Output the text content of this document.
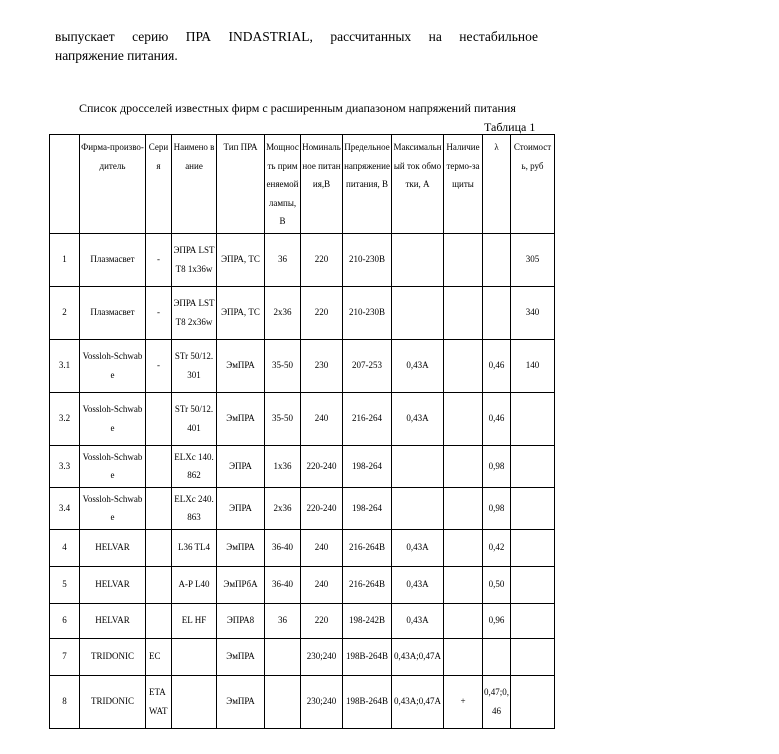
выпускает серию ПРА INDASTRIAL, рассчитанных на нестабильное
напряжение питания.
Список дросселей известных фирм с расширенным диапазоном напряжений питания
Таблица 1
	Фирма-произво-дитель	Серия	Наимено вание	Тип ПРА	Мощность применяемой лампы,В	Номинальное питания,В	Предельное напряжение питания, В	Максимальный ток обмотки, А	Наличие термо-защиты	λ	Стоимость, руб
1	Плазмасвет	-	ЭПРА LST T8 1x36w	ЭПРА, ТС	36	220	210-230В				305
2	Плазмасвет	-	ЭПРА LST T8 2x36w	ЭПРА, ТС	2x36	220	210-230В				340
3.1	Vossloh-Schwabe	-	STr 50/12.301	ЭмПРА	35-50	230	207-253	0,43А		0,46	140
3.2	Vossloh-Schwabe		STr 50/12.401	ЭмПРА	35-50	240	216-264	0,43А		0,46	
3.3	Vossloh-Schwabe		ELXc 140.862	ЭПРА	1x36	220-240	198-264			0,98	
3.4	Vossloh-Schwabe		ELXc 240.863	ЭПРА	2x36	220-240	198-264			0,98	
4	HELVAR		L36 TL4	ЭмПРА	36-40	240	216-264В	0,43А		0,42	
5	HELVAR		A-P L40	ЭмПРбА	36-40	240	216-264В	0,43А		0,50	
6	HELVAR		EL HF	ЭПРА8	36	220	198-242В	0,43А		0,96	
7	TRIDONIC	EC		ЭмПРА		230;240	198В-264В	0,43А;0,47А			
8	TRIDONIC	ETAWAT		ЭмПРА		230;240	198В-264В	0,43А;0,47А	+	0,47;0,46	
